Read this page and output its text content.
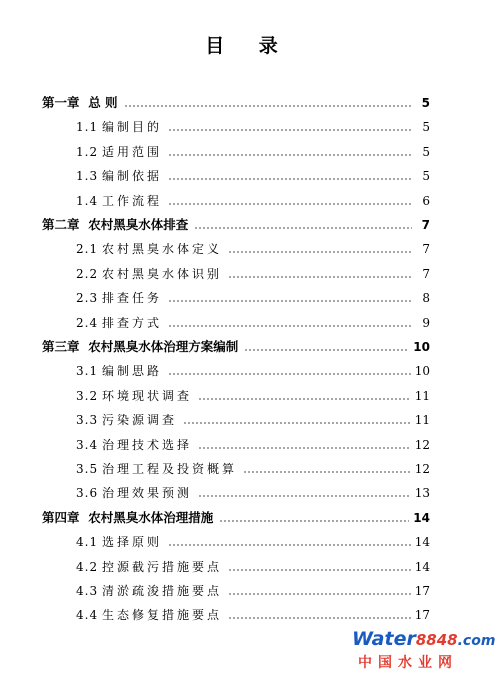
目 录
第一章  总 则	5
1.1 编制目的	5
1.2 适用范围	5
1.3 编制依据	5
1.4 工作流程	6
第二章  农村黑臭水体排查	7
2.1 农村黑臭水体定义	7
2.2 农村黑臭水体识别	7
2.3 排查任务	8
2.4 排查方式	9
第三章  农村黑臭水体治理方案编制	10
3.1 编制思路	10
3.2 环境现状调查	11
3.3 污染源调查	11
3.4 治理技术选择	12
3.5 治理工程及投资概算	12
3.6 治理效果预测	13
第四章  农村黑臭水体治理措施	14
4.1 选择原则	14
4.2 控源截污措施要点	14
4.3 清淤疏浚措施要点	17
4.4 生态修复措施要点	17
Water8848.com
中国水业网
